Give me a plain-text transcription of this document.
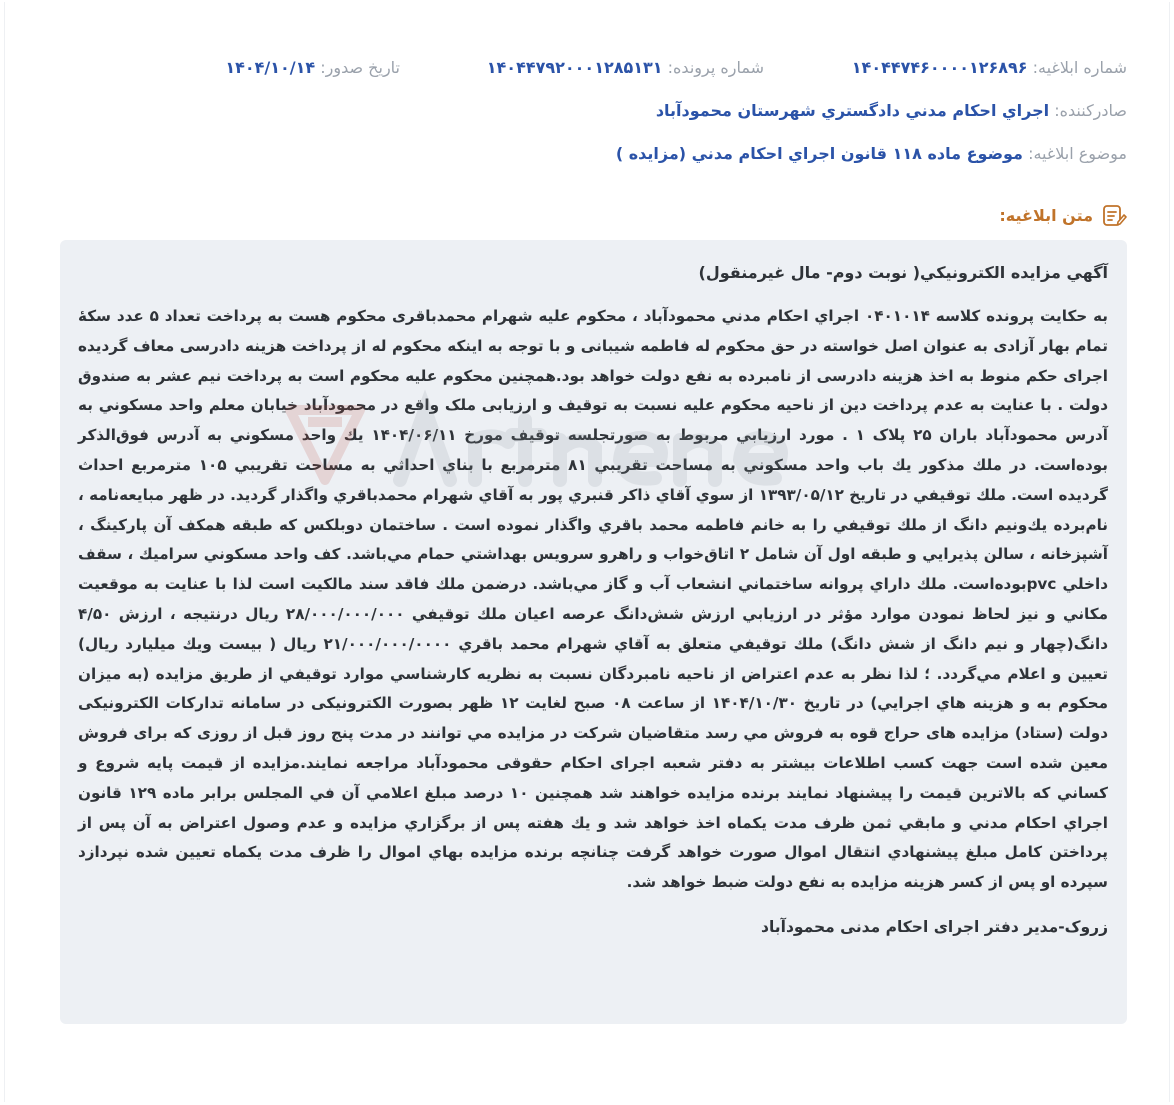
شماره ابلاغيه: ۱۴۰۴۴۷۴۶۰۰۰۰۱۲۶۸۹۶
شماره پرونده: ۱۴۰۴۴۷۹۲۰۰۰۱۲۸۵۱۳۱
تاريخ صدور: ۱۴۰۴/۱۰/۱۴
صادرکننده: اجراي احکام مدني دادگستري شهرستان محمودآباد
موضوع ابلاغيه: موضوع ماده ۱۱۸ قانون اجراي احکام مدني (مزايده )
متن ابلاغيه:
آگهي مزايده الکترونيکي( نوبت دوم- مال غيرمنقول)

به حکايت پرونده کلاسه ۰۴۰۱۰۱۴ اجراي احکام مدني محمودآباد ، محکوم عليه شهرام محمدباقری محکوم هست به پرداخت تعداد ۵ عدد سکۀ تمام بهار آزادی به عنوان اصل خواسته در حق محکوم له فاطمه شيبانی و با توجه به اينکه محکوم له از پرداخت هزينه دادرسی معاف گرديده اجرای حکم منوط به اخذ هزينه دادرسی از نامبرده به نفع دولت خواهد بود.همچنين محکوم عليه محکوم است به پرداخت نيم عشر به صندوق دولت . با عنايت به عدم پرداخت دين از ناحيه محکوم عليه نسبت به توقيف و ارزيابی ملک واقع در محمودآباد خيابان معلم واحد مسکوني به آدرس محمودآباد باران ۲۵ پلاک ۱ . مورد ارزيابي مربوط به صورتجلسه توقيف مورخ ۱۴۰۴/۰۶/۱۱ يك واحد مسكوني به آدرس فوق‌الذكر بوده‌است. در ملك مذكور يك باب واحد مسكوني به مساحت تقريبي ۸۱ مترمربع با بناي احداثي به مساحت تقريبي ۱۰۵ مترمربع احداث گرديده است. ملك توقيفي در تاريخ ۱۳۹۳/۰۵/۱۲ از سوي آقاي ذاكر قنبري پور به آقاي شهرام محمدباقري واگذار گرديد. در ظهر مبايعه‌نامه ، نام‌برده يك‌ونيم دانگ از ملك توقيفي را به خانم فاطمه محمد باقري واگذار نموده است . ساختمان دوبلکس که طبقه همکف آن پارکينگ ، آشپزخانه ، سالن پذيرايي و طبقه اول آن شامل ۲ اتاق‌خواب و راهرو سرويس بهداشتي حمام مي‌باشد. كف واحد مسكوني سراميك ، سقف داخلي pvcبوده‌است. ملك داراي پروانه ساختماني انشعاب آب و گاز مي‌باشد. درضمن ملك فاقد سند مالكيت است لذا با عنايت به موقعيت مكاني و نيز لحاظ نمودن موارد مؤثر در ارزيابي ارزش شش‌دانگ عرصه اعيان ملك توقيفي ۲۸/۰۰۰/۰۰۰/۰۰۰ ريال درنتيجه ، ارزش ۴/۵۰ دانگ(چهار و نيم دانگ از شش دانگ) ملك توقيفي متعلق به آقاي شهرام محمد باقري ۲۱/۰۰۰/۰۰۰/۰۰۰۰ ريال ( بيست ويك ميليارد ريال) تعيين و اعلام مي‌گردد. ؛ لذا نظر به عدم اعتراض از ناحيه نامبردگان نسبت به نظريه كارشناسي موارد توقيفي از طريق مزايده (به ميزان محکوم به و هزينه هاي اجرايي) در تاريخ ۱۴۰۴/۱۰/۳۰ از ساعت ۰۸ صبح لغايت ۱۲ ظهر بصورت الکترونيکی در سامانه تدارکات الکترونيکی دولت (ستاد) مزايده های حراج قوه به فروش مي رسد متقاضيان شرکت در مزايده مي توانند در مدت پنج روز قبل از روزی که برای فروش معين شده است جهت کسب اطلاعات بيشتر به دفتر شعبه اجرای احکام حقوقی محمودآباد مراجعه نمايند.مزايده از قيمت پايه شروع و کساني که بالاترين قيمت را پيشنهاد نمايند برنده مزايده خواهند شد همچنين ۱۰ درصد مبلغ اعلامي آن في المجلس برابر ماده ۱۲۹ قانون اجراي احکام مدني و مابقي ثمن ظرف مدت يکماه اخذ خواهد شد و يك هفته پس از برگزاري مزايده و عدم وصول اعتراض به آن پس از پرداختن کامل مبلغ پيشنهادي انتقال اموال صورت خواهد گرفت چنانچه برنده مزايده بهاي اموال را ظرف مدت يکماه تعيين شده نپردازد سپرده او پس از کسر هزينه مزايده به نفع دولت ضبط خواهد شد.

زروک-مدير دفتر اجرای احکام مدنی محمودآباد
